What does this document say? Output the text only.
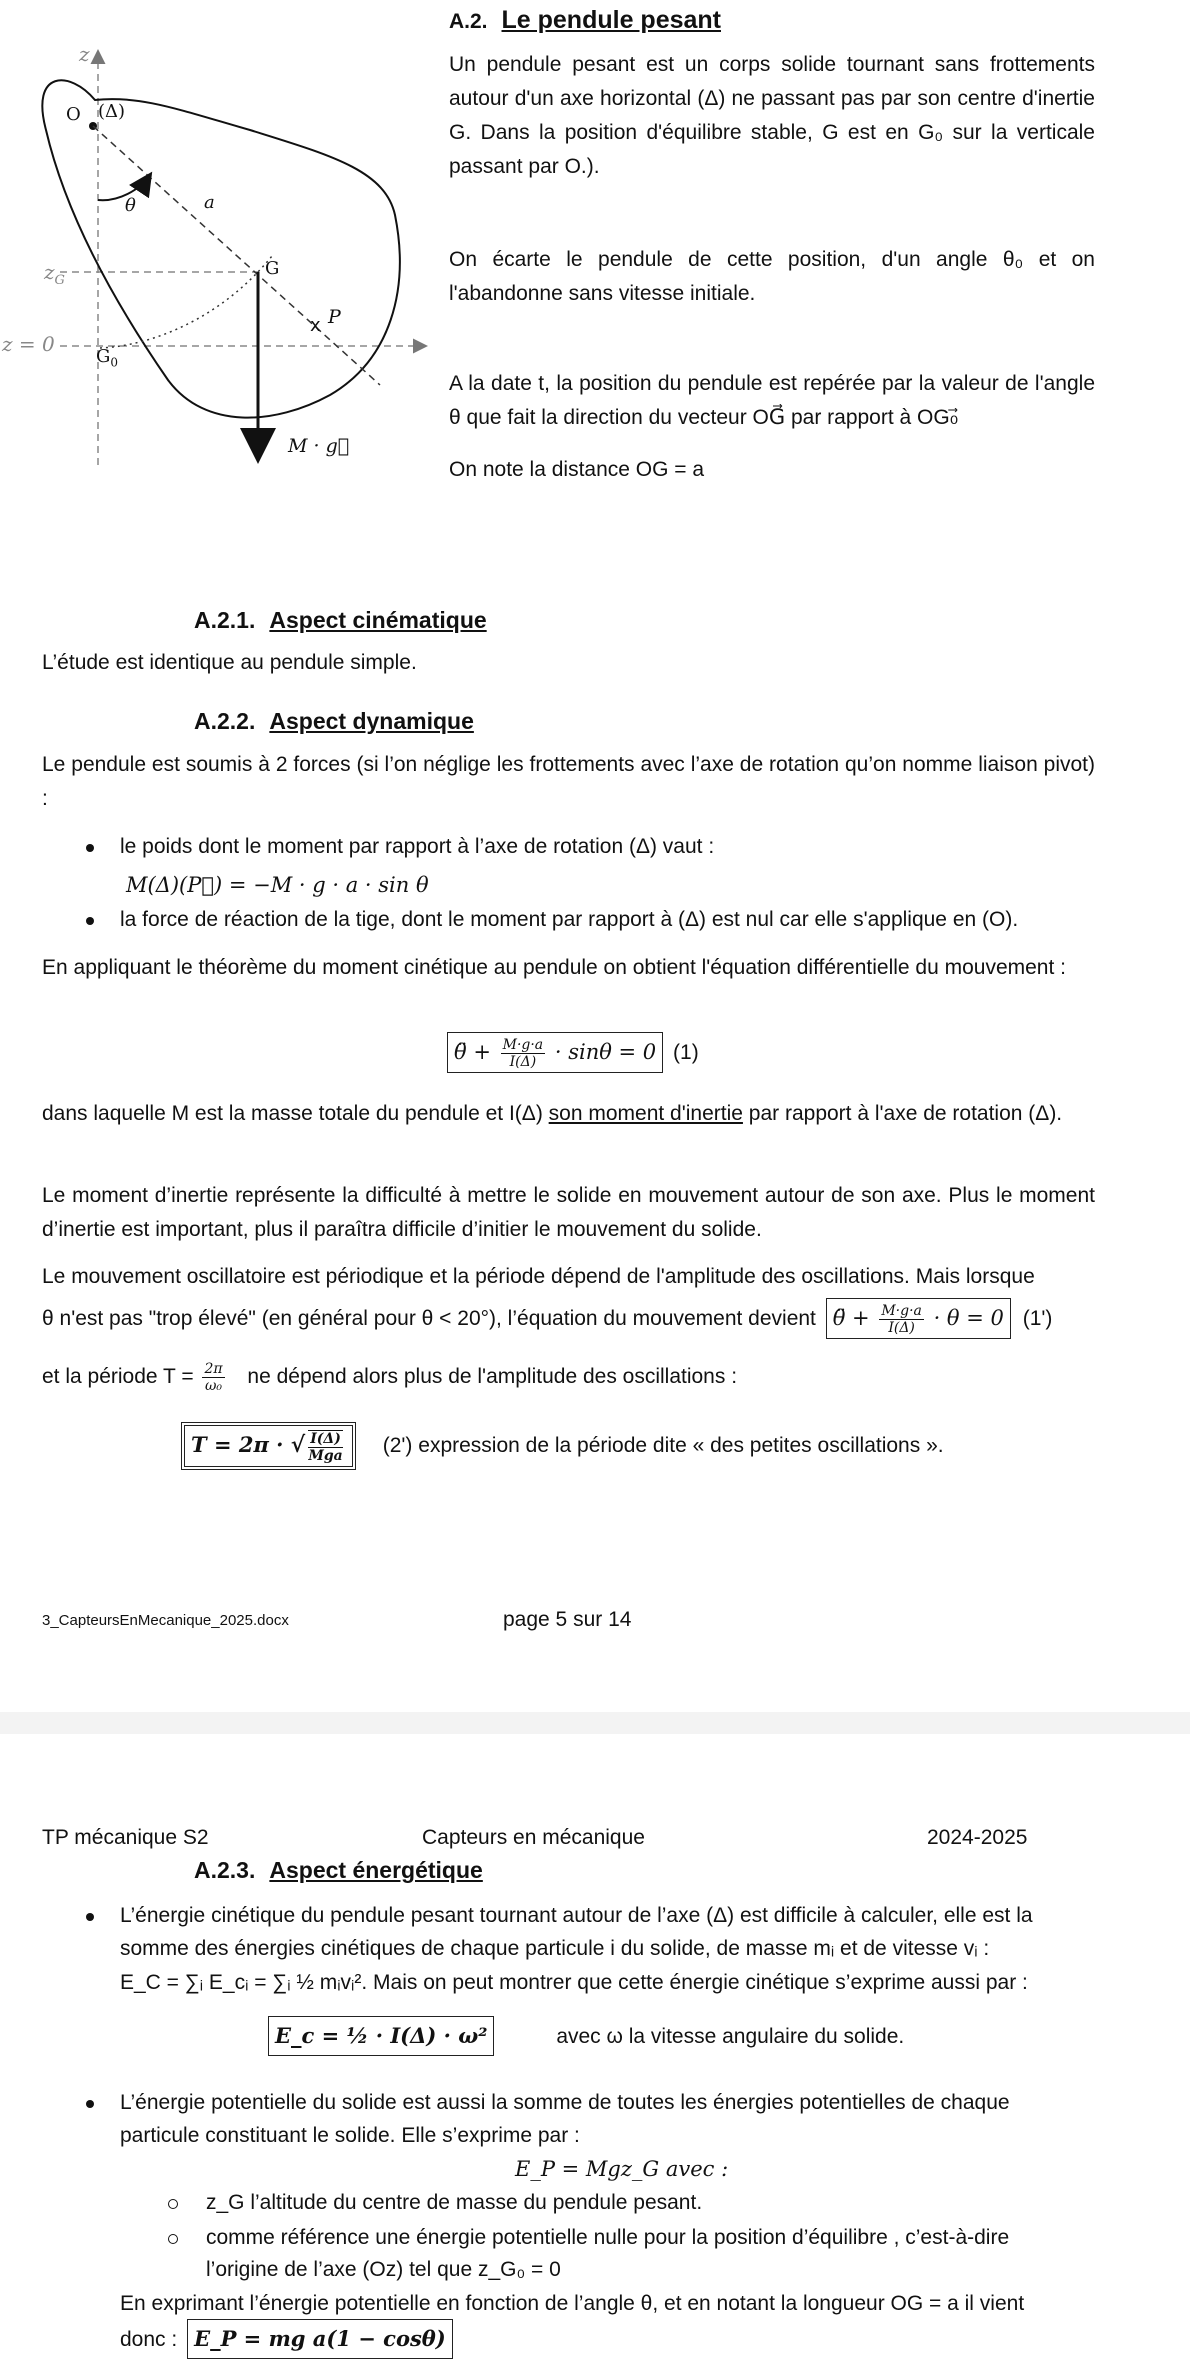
x
z
O (Δ)
θ	a
$z_G$
z = 0
G
$G_0$
P
M · g⃗
A.2. Le pendule pesant
Un pendule pesant est un corps solide tournant sans frottements autour d'un axe horizontal (Δ) ne passant pas par son centre d'inertie G. Dans la position d'équilibre stable, G est en G₀ sur la verticale passant par O.).
On écarte le pendule de cette position, d'un angle θ₀ et on l'abandonne sans vitesse initiale.
A la date t, la position du pendule est repérée par la valeur de l'angle θ que fait la direction du vecteur OG⃗ par rapport à OG₀⃗
On note la distance OG = a
A.2.1. Aspect cinématique
L’étude est identique au pendule simple.
A.2.2. Aspect dynamique
Le pendule est soumis à 2 forces (si l’on néglige les frottements avec l’axe de rotation qu’on nomme liaison pivot) :
le poids dont le moment par rapport à l’axe de rotation (Δ) vaut :
M(Δ)(P⃗) = −M · g · a · sin θ
la force de réaction de la tige, dont le moment par rapport à (Δ) est nul car elle s'applique en (O).
En appliquant le théorème du moment cinétique au pendule on obtient l'équation différentielle du mouvement :
θ̈ + $\frac{M\cdot g\cdot a}{I(\Delta)} \cdot \sin\theta = 0$ (1)
dans laquelle M est la masse totale du pendule et I(Δ) son moment d'inertie par rapport à l'axe de rotation (Δ).
Le moment d’inertie représente la difficulté à mettre le solide en mouvement autour de son axe. Plus le moment d’inertie est important, plus il paraîtra difficile d’initier le mouvement du solide.
Le mouvement oscillatoire est périodique et la période dépend de l'amplitude des oscillations. Mais lorsque
θ n'est pas "trop élevé" (en général pour θ < 20°), l’équation du mouvement devient θ̈ + $\frac{M\cdot g\cdot a}{I(\Delta)} \cdot \theta = 0$ (1')
et la période $T = \frac{2\pi}{\text{ω₀}}$ ne dépend alors plus de l'amplitude des oscillations :
T = 2π · √ $\frac{I(\Delta)}{\text{Mga}} (2')$ expression de la période dite « des petites oscillations ».
3_CapteursEnMecanique_2025.docx	page 5 sur 14
TP mécanique S2	Capteurs en mécanique	2024-2025
A.2.3. Aspect énergétique
L’énergie cinétique du pendule pesant tournant autour de l’axe (Δ) est difficile à calculer, elle est la
somme des énergies cinétiques de chaque particule i du solide, de masse mᵢ et de vitesse vᵢ :
E_C = ∑ᵢ E_cᵢ = ∑ᵢ ½ mᵢvᵢ². Mais on peut montrer que cette énergie cinétique s’exprime aussi par :
E_c = ½ · I(Δ) · ω²	avec ω la vitesse angulaire du solide.
L’énergie potentielle du solide est aussi la somme de toutes les énergies potentielles de chaque
particule constituant le solide. Elle s’exprime par :
E_P = Mgz_G avec :
z_G l’altitude du centre de masse du pendule pesant.
comme référence une énergie potentielle nulle pour la position d’équilibre , c’est-à-dire
l’origine de l’axe (Oz) tel que z_G₀ = 0
En exprimant l’énergie potentielle en fonction de l’angle θ, et en notant la longueur OG = a il vient
donc : E_P = mg a(1 − cosθ)
